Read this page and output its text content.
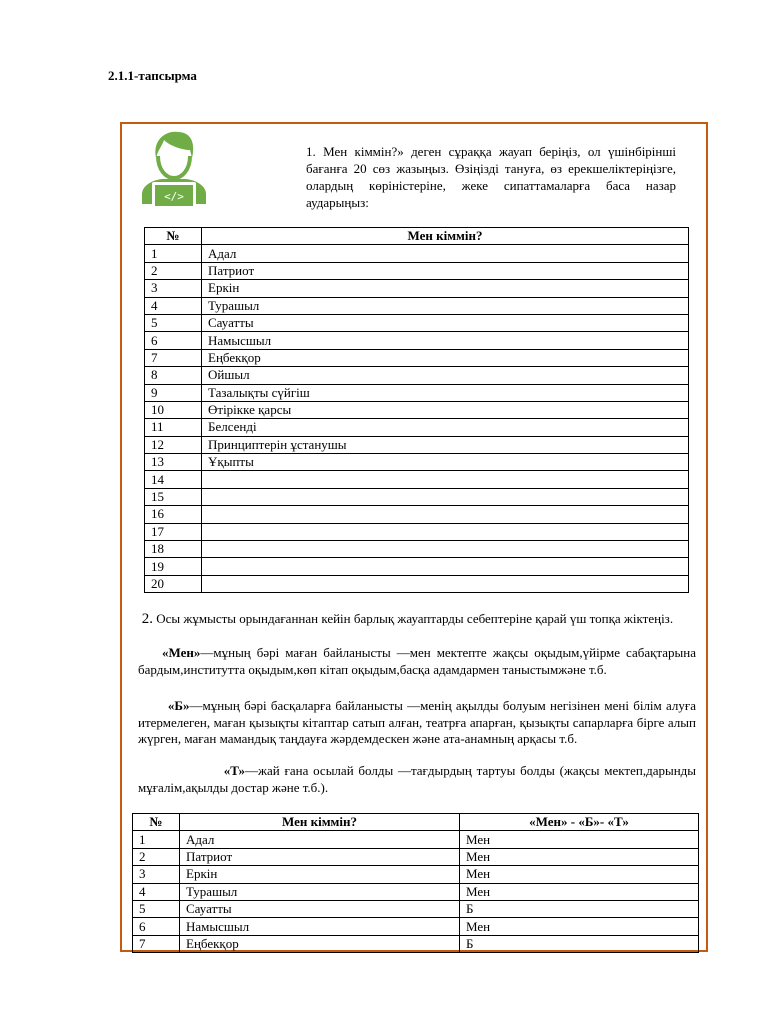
2.1.1-тапсырма
</>
1. Мен кіммін?» деген сұраққа жауап беріңіз, ол үшінбірінші бағанға 20 сөз жазыңыз. Өзіңізді тануға, өз ерекшеліктеріңізге, олардың көріністеріне, жеке сипаттамаларға баса назар аударыңыз:
№	Мен кіммін?
1	Адал
2	Патриот
3	Еркін
4	Турашыл
5	Сауатты
6	Намысшыл
7	Еңбекқор
8	Ойшыл
9	Тазалықты сүйгіш
10	Өтірікке қарсы
11	Белсенді
12	Принциптерін ұстанушы
13	Ұқыпты
14	
15	
16	
17	
18	
19	
20	
2. Осы жұмысты орындағаннан кейін барлық жауаптарды себептеріне қарай үш топқа жіктеңіз.
«Мен»—мұның бәрі маған байланысты —мен мектепте жақсы оқыдым,үйірме сабақтарына бардым,институтта оқыдым,көп кітап оқыдым,басқа адамдармен таныстымжәне т.б.
«Б»—мұның бәрі басқаларға байланысты —менің ақылды болуым негізінен мені білім алуға итермелеген, маған қызықты кітаптар сатып алған, театрға апарған, қызықты сапарларға бірге алып жүрген, маған мамандық таңдауға жәрдемдескен және ата-анамның арқасы т.б.
«Т»—жай ғана осылай болды —тағдырдың тартуы болды (жақсы мектеп,дарынды мұғалім,ақылды достар және т.б.).
№	Мен кіммін?	«Мен» - «Б»- «Т»
1	Адал	Мен
2	Патриот	Мен
3	Еркін	Мен
4	Турашыл	Мен
5	Сауатты	Б
6	Намысшыл	Мен
7	Еңбекқор	Б
